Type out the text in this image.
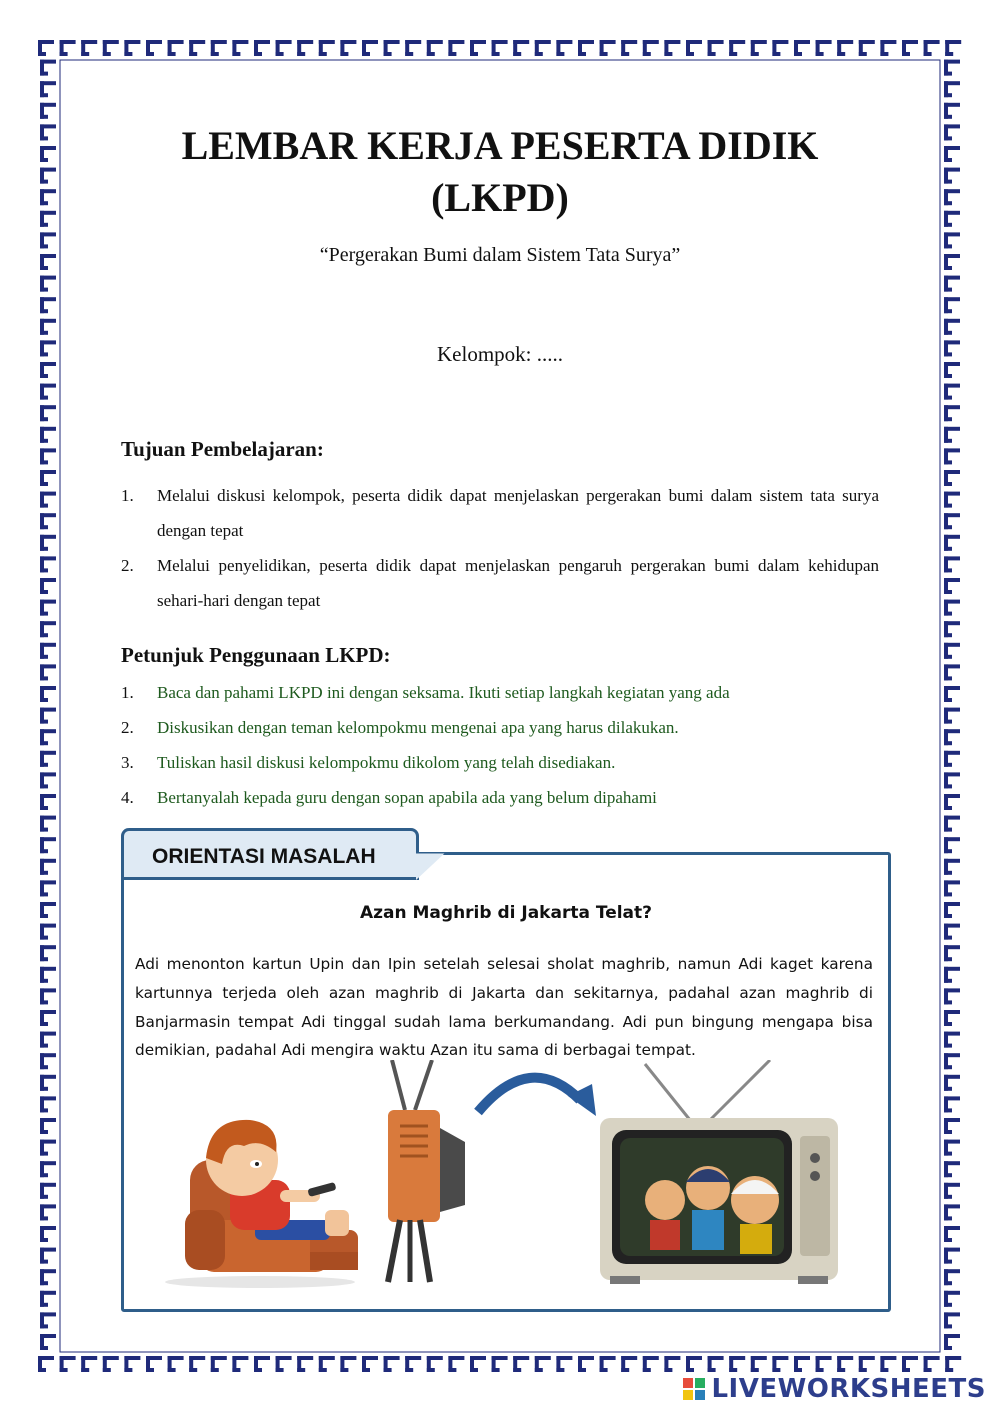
LEMBAR KERJA PESERTA DIDIK
(LKPD)
“Pergerakan Bumi dalam Sistem Tata Surya”
Kelompok: .....
Tujuan Pembelajaran:
1. Melalui diskusi kelompok, peserta didik dapat menjelaskan pergerakan bumi dalam sistem tata surya dengan tepat
2. Melalui penyelidikan, peserta didik dapat menjelaskan pengaruh pergerakan bumi dalam kehidupan sehari-hari dengan tepat
Petunjuk Penggunaan LKPD:
1. Baca dan pahami LKPD ini dengan seksama. Ikuti setiap langkah kegiatan yang ada
2. Diskusikan dengan teman kelompokmu mengenai apa yang harus dilakukan.
3. Tuliskan hasil diskusi kelompokmu dikolom yang telah disediakan.
4. Bertanyalah kepada guru dengan sopan apabila ada yang belum dipahami
ORIENTASI MASALAH
Azan Maghrib di Jakarta Telat?
Adi menonton kartun Upin dan Ipin setelah selesai sholat maghrib, namun Adi kaget karena kartunnya terjeda oleh azan maghrib di Jakarta dan sekitarnya, padahal azan maghrib di Banjarmasin tempat Adi tinggal sudah lama berkumandang. Adi pun bingung mengapa bisa demikian, padahal Adi mengira waktu Azan itu sama di berbagai tempat.
LIVEWORKSHEETS
